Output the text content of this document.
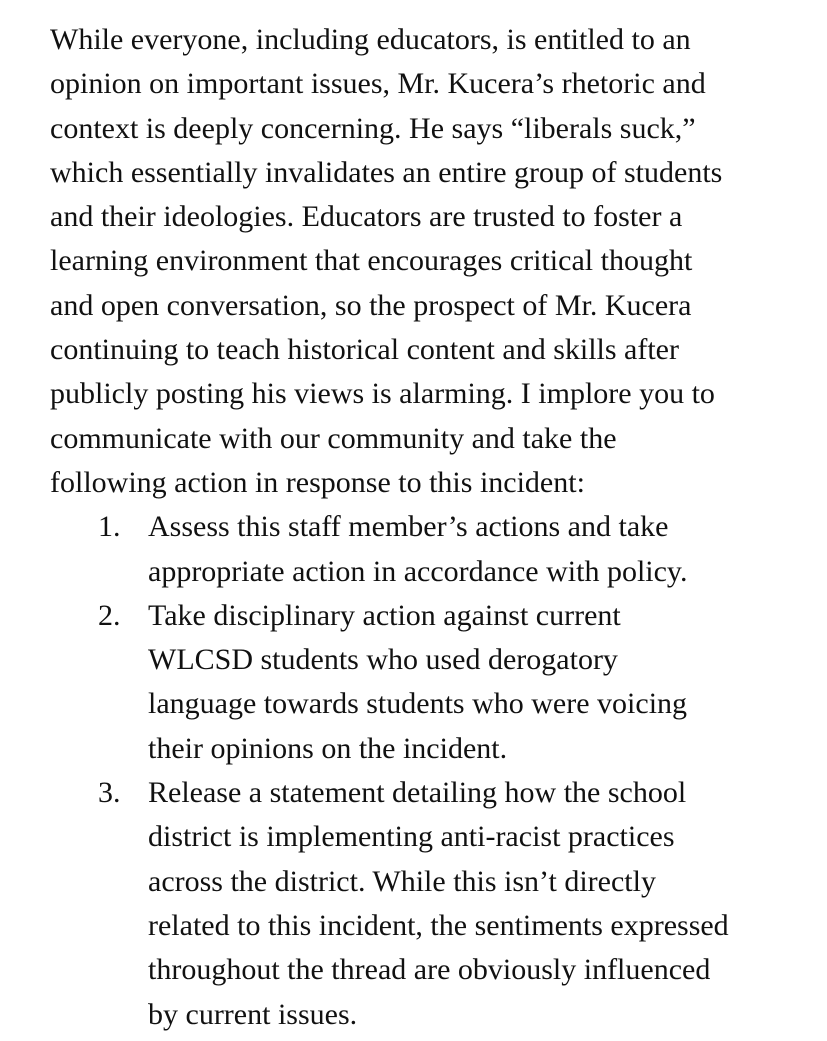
While everyone, including educators, is entitled to an
opinion on important issues, Mr. Kucera’s rhetoric and
context is deeply concerning. He says “liberals suck,”
which essentially invalidates an entire group of students
and their ideologies. Educators are trusted to foster a
learning environment that encourages critical thought
and open conversation, so the prospect of Mr. Kucera
continuing to teach historical content and skills after
publicly posting his views is alarming. I implore you to
communicate with our community and take the
following action in response to this incident:
1. Assess this staff member’s actions and take
appropriate action in accordance with policy.
2. Take disciplinary action against current
WLCSD students who used derogatory
language towards students who were voicing
their opinions on the incident.
3. Release a statement detailing how the school
district is implementing anti-racist practices
across the district. While this isn’t directly
related to this incident, the sentiments expressed
throughout the thread are obviously influenced
by current issues.
